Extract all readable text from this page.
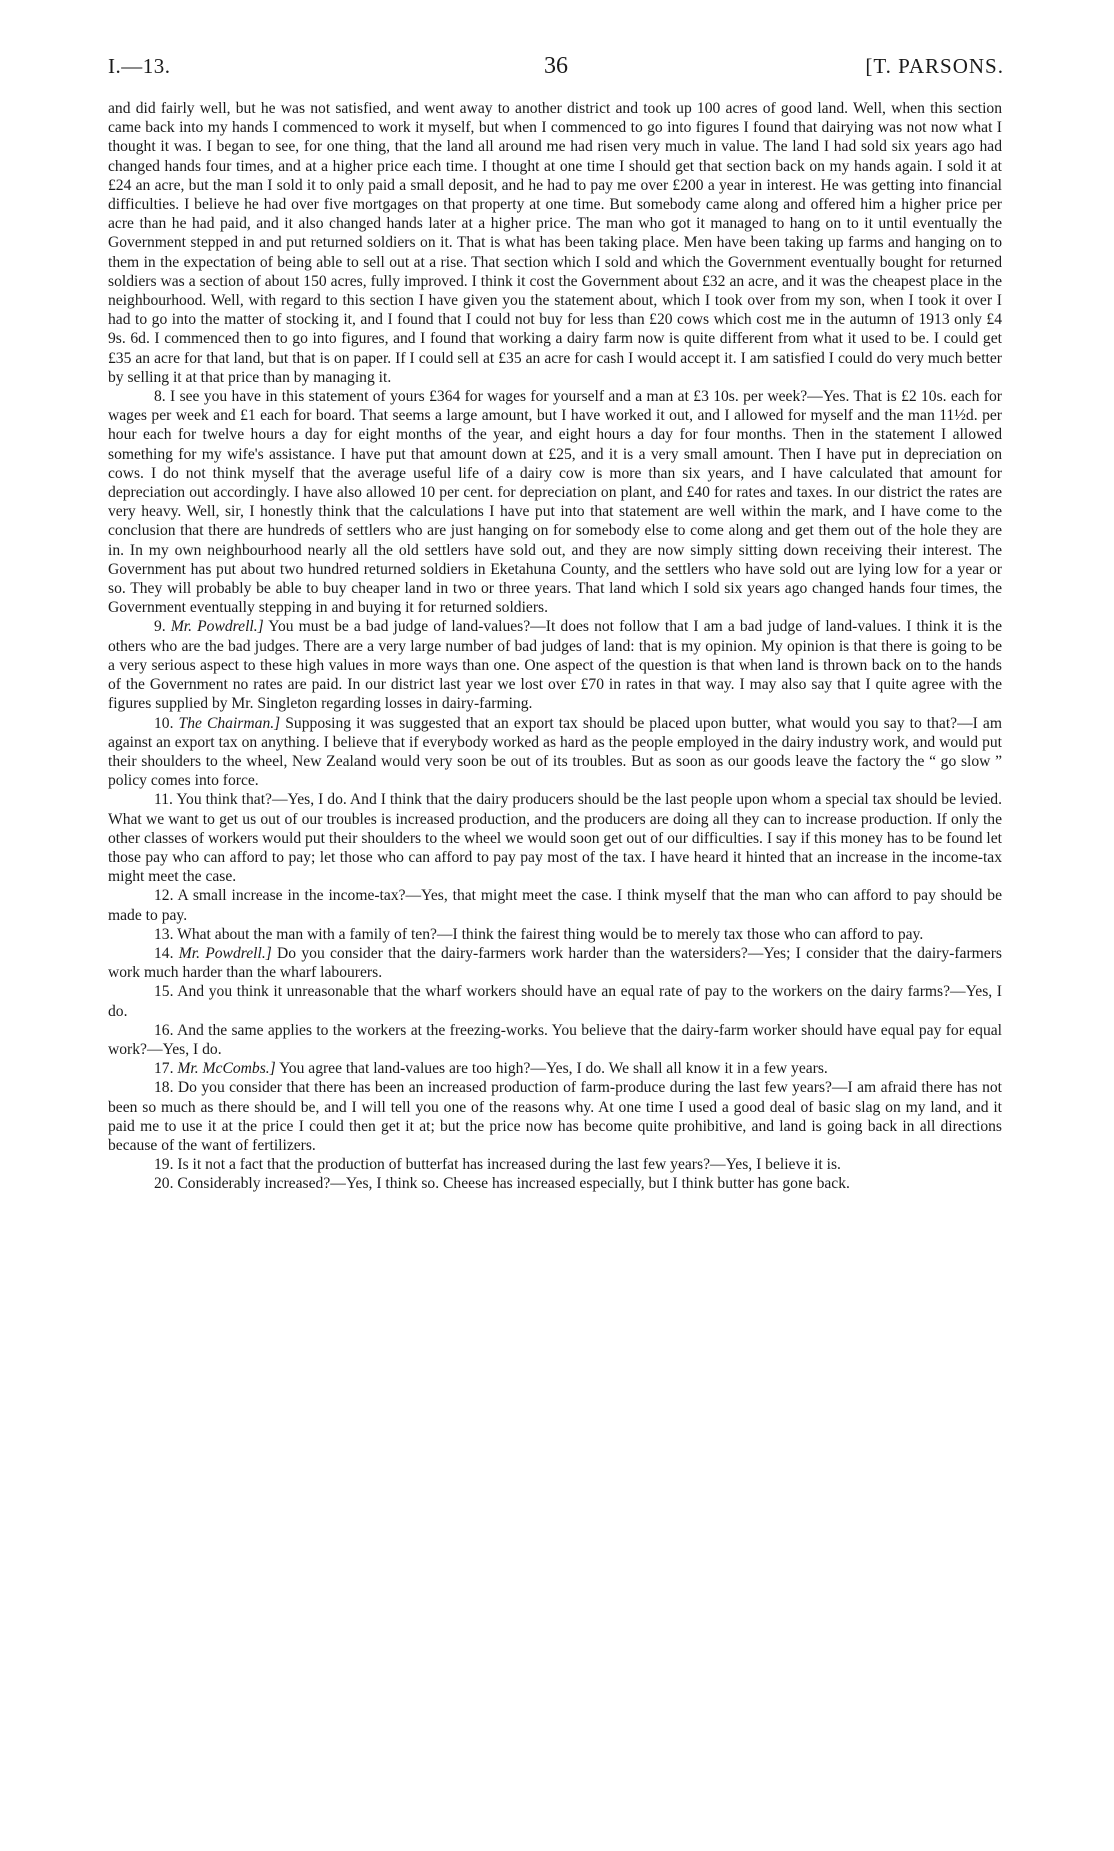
I.—13.	36	[T. PARSONS.

and did fairly well, but he was not satisfied, and went away to another district and took up 100 acres of good land. Well, when this section came back into my hands I commenced to work it myself, but when I commenced to go into figures I found that dairying was not now what I thought it was. I began to see, for one thing, that the land all around me had risen very much in value. The land I had sold six years ago had changed hands four times, and at a higher price each time. I thought at one time I should get that section back on my hands again. I sold it at £24 an acre, but the man I sold it to only paid a small deposit, and he had to pay me over £200 a year in interest. He was getting into financial difficulties. I believe he had over five mortgages on that property at one time. But somebody came along and offered him a higher price per acre than he had paid, and it also changed hands later at a higher price. The man who got it managed to hang on to it until eventually the Government stepped in and put returned soldiers on it. That is what has been taking place. Men have been taking up farms and hanging on to them in the expectation of being able to sell out at a rise. That section which I sold and which the Government eventually bought for returned soldiers was a section of about 150 acres, fully improved. I think it cost the Government about £32 an acre, and it was the cheapest place in the neighbourhood. Well, with regard to this section I have given you the statement about, which I took over from my son, when I took it over I had to go into the matter of stocking it, and I found that I could not buy for less than £20 cows which cost me in the autumn of 1913 only £4 9s. 6d. I commenced then to go into figures, and I found that working a dairy farm now is quite different from what it used to be. I could get £35 an acre for that land, but that is on paper. If I could sell at £35 an acre for cash I would accept it. I am satisfied I could do very much better by selling it at that price than by managing it.

8. I see you have in this statement of yours £364 for wages for yourself and a man at £3 10s. per week?—Yes. That is £2 10s. each for wages per week and £1 each for board. That seems a large amount, but I have worked it out, and I allowed for myself and the man 11½d. per hour each for twelve hours a day for eight months of the year, and eight hours a day for four months. Then in the statement I allowed something for my wife's assistance. I have put that amount down at £25, and it is a very small amount. Then I have put in depreciation on cows. I do not think myself that the average useful life of a dairy cow is more than six years, and I have calculated that amount for depreciation out accordingly. I have also allowed 10 per cent. for depreciation on plant, and £40 for rates and taxes. In our district the rates are very heavy. Well, sir, I honestly think that the calculations I have put into that statement are well within the mark, and I have come to the conclusion that there are hundreds of settlers who are just hanging on for somebody else to come along and get them out of the hole they are in. In my own neighbourhood nearly all the old settlers have sold out, and they are now simply sitting down receiving their interest. The Government has put about two hundred returned soldiers in Eketahuna County, and the settlers who have sold out are lying low for a year or so. They will probably be able to buy cheaper land in two or three years. That land which I sold six years ago changed hands four times, the Government eventually stepping in and buying it for returned soldiers.

9. Mr. Powdrell.] You must be a bad judge of land-values?—It does not follow that I am a bad judge of land-values. I think it is the others who are the bad judges. There are a very large number of bad judges of land: that is my opinion. My opinion is that there is going to be a very serious aspect to these high values in more ways than one. One aspect of the question is that when land is thrown back on to the hands of the Government no rates are paid. In our district last year we lost over £70 in rates in that way. I may also say that I quite agree with the figures supplied by Mr. Singleton regarding losses in dairy-farming.

10. The Chairman.] Supposing it was suggested that an export tax should be placed upon butter, what would you say to that?—I am against an export tax on anything. I believe that if everybody worked as hard as the people employed in the dairy industry work, and would put their shoulders to the wheel, New Zealand would very soon be out of its troubles. But as soon as our goods leave the factory the “ go slow ” policy comes into force.

11. You think that?—Yes, I do. And I think that the dairy producers should be the last people upon whom a special tax should be levied. What we want to get us out of our troubles is increased production, and the producers are doing all they can to increase production. If only the other classes of workers would put their shoulders to the wheel we would soon get out of our difficulties. I say if this money has to be found let those pay who can afford to pay; let those who can afford to pay pay most of the tax. I have heard it hinted that an increase in the income-tax might meet the case.

12. A small increase in the income-tax?—Yes, that might meet the case. I think myself that the man who can afford to pay should be made to pay.

13. What about the man with a family of ten?—I think the fairest thing would be to merely tax those who can afford to pay.

14. Mr. Powdrell.] Do you consider that the dairy-farmers work harder than the watersiders?—Yes; I consider that the dairy-farmers work much harder than the wharf labourers.

15. And you think it unreasonable that the wharf workers should have an equal rate of pay to the workers on the dairy farms?—Yes, I do.

16. And the same applies to the workers at the freezing-works. You believe that the dairy-farm worker should have equal pay for equal work?—Yes, I do.

17. Mr. McCombs.] You agree that land-values are too high?—Yes, I do. We shall all know it in a few years.

18. Do you consider that there has been an increased production of farm-produce during the last few years?—I am afraid there has not been so much as there should be, and I will tell you one of the reasons why. At one time I used a good deal of basic slag on my land, and it paid me to use it at the price I could then get it at; but the price now has become quite prohibitive, and land is going back in all directions because of the want of fertilizers.

19. Is it not a fact that the production of butterfat has increased during the last few years?—Yes, I believe it is.

20. Considerably increased?—Yes, I think so. Cheese has increased especially, but I think butter has gone back.
